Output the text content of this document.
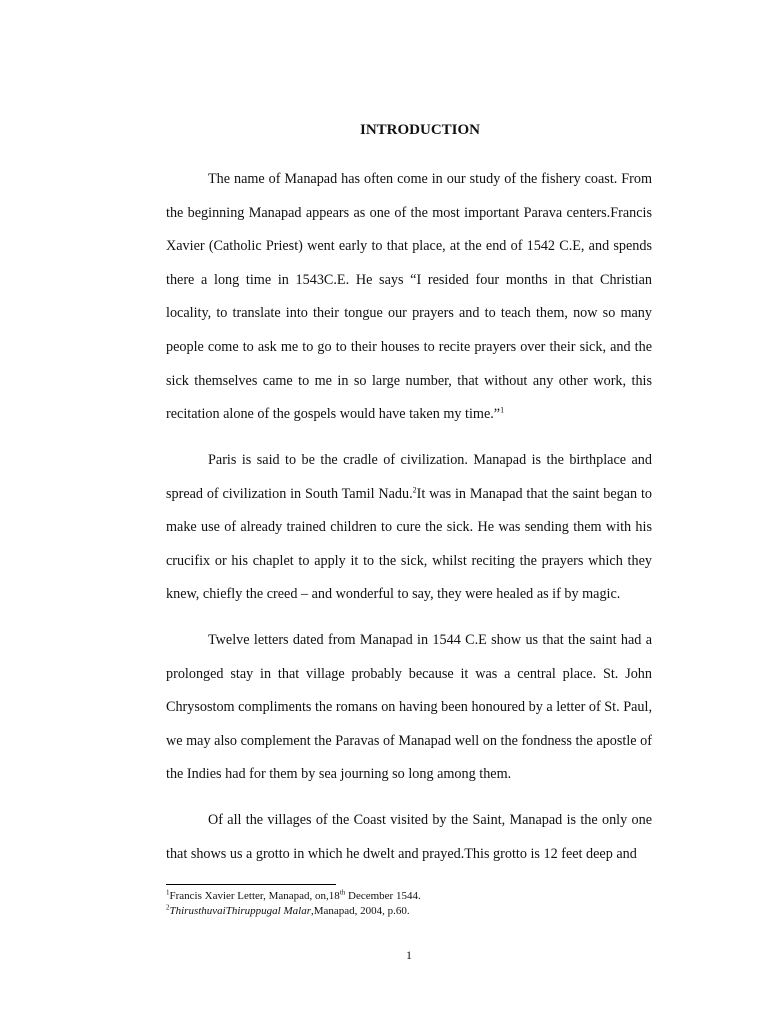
INTRODUCTION

The name of Manapad has often come in our study of the fishery coast. From the beginning Manapad appears as one of the most important Parava centers.Francis Xavier (Catholic Priest) went early to that place, at the end of 1542 C.E, and spends there a long time in 1543C.E. He says “I resided four months in that Christian locality, to translate into their tongue our prayers and to teach them, now so many people come to ask me to go to their houses to recite prayers over their sick, and the sick themselves came to me in so large number, that without any other work, this recitation alone of the gospels would have taken my time.”$^1$

Paris is said to be the cradle of civilization. Manapad is the birthplace and spread of civilization in South Tamil Nadu.$^2$It was in Manapad that the saint began to make use of already trained children to cure the sick. He was sending them with his crucifix or his chaplet to apply it to the sick, whilst reciting the prayers which they knew, chiefly the creed – and wonderful to say, they were healed as if by magic.

Twelve letters dated from Manapad in 1544 C.E show us that the saint had a prolonged stay in that village probably because it was a central place. St. John Chrysostom compliments the romans on having been honoured by a letter of St. Paul, we may also complement the Paravas of Manapad well on the fondness the apostle of the Indies had for them by sea journing so long among them.

Of all the villages of the Coast visited by the Saint, Manapad is the only one that shows us a grotto in which he dwelt and prayed.This grotto is 12 feet deep and

$^1$Francis Xavier Letter, Manapad, on,18th December 1544.

$^2$ThirusthuvaiThiruppugal Malar,Manapad, 2004, p.60.

1
